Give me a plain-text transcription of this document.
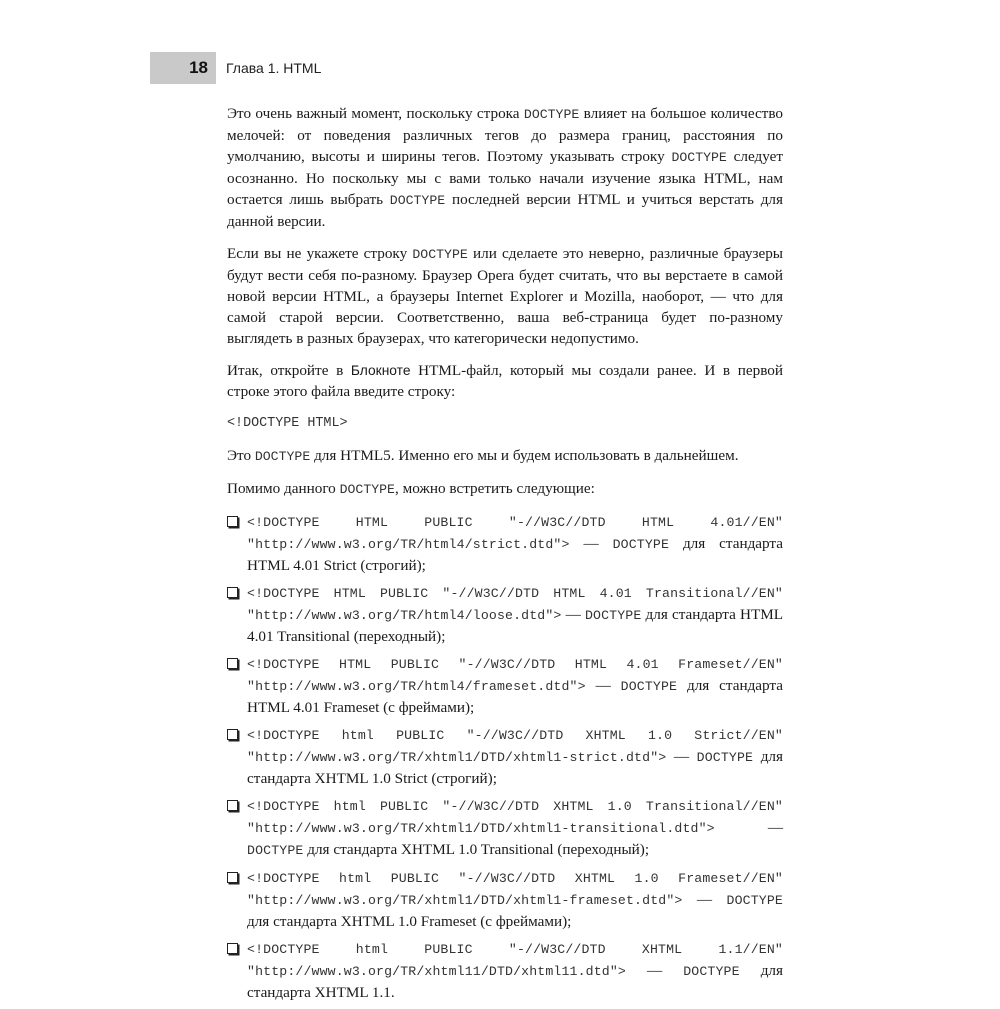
18	Глава 1. HTML

Это очень важный момент, поскольку строка DOCTYPE влияет на большое количество мелочей: от поведения различных тегов до размера границ, расстояния по умолчанию, высоты и ширины тегов. Поэтому указывать строку DOCTYPE следует осознанно. Но поскольку мы с вами только начали изучение языка HTML, нам остается лишь выбрать DOCTYPE последней версии HTML и учиться верстать для данной версии.

Если вы не укажете строку DOCTYPE или сделаете это неверно, различные браузеры будут вести себя по-разному. Браузер Opera будет считать, что вы верстаете в самой новой версии HTML, а браузеры Internet Explorer и Mozilla, наоборот, — что для самой старой версии. Соответственно, ваша веб-страница будет по-разному выглядеть в разных браузерах, что категорически недопустимо.

Итак, откройте в Блокноте HTML-файл, который мы создали ранее. И в первой строке этого файла введите строку:

<!DOCTYPE HTML>

Это DOCTYPE для HTML5. Именно его мы и будем использовать в дальнейшем.

Помимо данного DOCTYPE, можно встретить следующие:

<!DOCTYPE HTML PUBLIC "-//W3C//DTD HTML 4.01//EN" "http://www.w3.org/TR/html4/strict.dtd"> — DOCTYPE для стандарта HTML 4.01 Strict (строгий);
<!DOCTYPE HTML PUBLIC "-//W3C//DTD HTML 4.01 Transitional//EN" "http://www.w3.org/TR/html4/loose.dtd"> — DOCTYPE для стандарта HTML 4.01 Transitional (переходный);
<!DOCTYPE HTML PUBLIC "-//W3C//DTD HTML 4.01 Frameset//EN" "http://www.w3.org/TR/html4/frameset.dtd"> — DOCTYPE для стандарта HTML 4.01 Frameset (с фреймами);
<!DOCTYPE html PUBLIC "-//W3C//DTD XHTML 1.0 Strict//EN" "http://www.w3.org/TR/xhtml1/DTD/xhtml1-strict.dtd"> — DOCTYPE для стандарта XHTML 1.0 Strict (строгий);
<!DOCTYPE html PUBLIC "-//W3C//DTD XHTML 1.0 Transitional//EN" "http://www.w3.org/TR/xhtml1/DTD/xhtml1-transitional.dtd"> — DOCTYPE для стандарта XHTML 1.0 Transitional (переходный);
<!DOCTYPE html PUBLIC "-//W3C//DTD XHTML 1.0 Frameset//EN" "http://www.w3.org/TR/xhtml1/DTD/xhtml1-frameset.dtd"> — DOCTYPE для стандарта XHTML 1.0 Frameset (с фреймами);
<!DOCTYPE html PUBLIC "-//W3C//DTD XHTML 1.1//EN" "http://www.w3.org/TR/xhtml11/DTD/xhtml11.dtd"> — DOCTYPE для стандарта XHTML 1.1.
